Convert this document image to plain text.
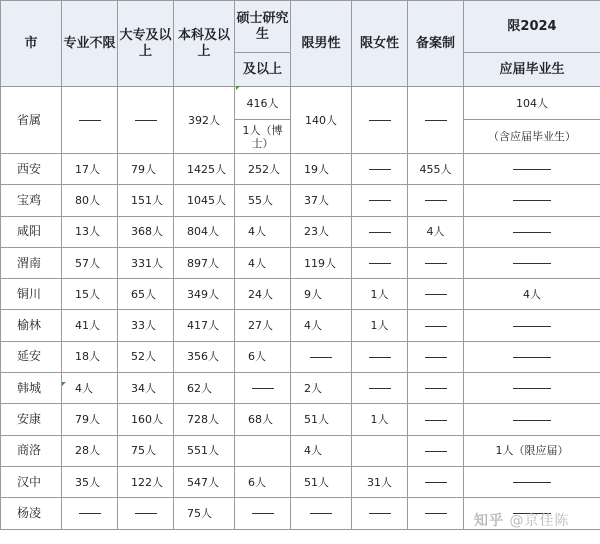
市	专业不限	大专及以上	本科及以上	硕士研究生	限男性	限女性	备案制	限2024
				及以上				应届毕业生
省属			392人	416人	140人			104人
				1人（博士）				（含应届毕业生）
西安	17人	79人	1425人	252人	19人		455人	
宝鸡	80人	151人	1045人	55人	37人			
咸阳	13人	368人	804人	4人	23人		4人	
渭南	57人	331人	897人	4人	119人			
铜川	15人	65人	349人	24人	9人	1人		4人
榆林	41人	33人	417人	27人	4人	1人		
延安	18人	52人	356人	6人				
韩城	4人	34人	62人		2人			
安康	79人	160人	728人	68人	51人	1人		
商洛	28人	75人	551人		4人			1人（限应届）
汉中	35人	122人	547人	6人	51人	31人		
杨凌			75人						知乎 @京佳陈
